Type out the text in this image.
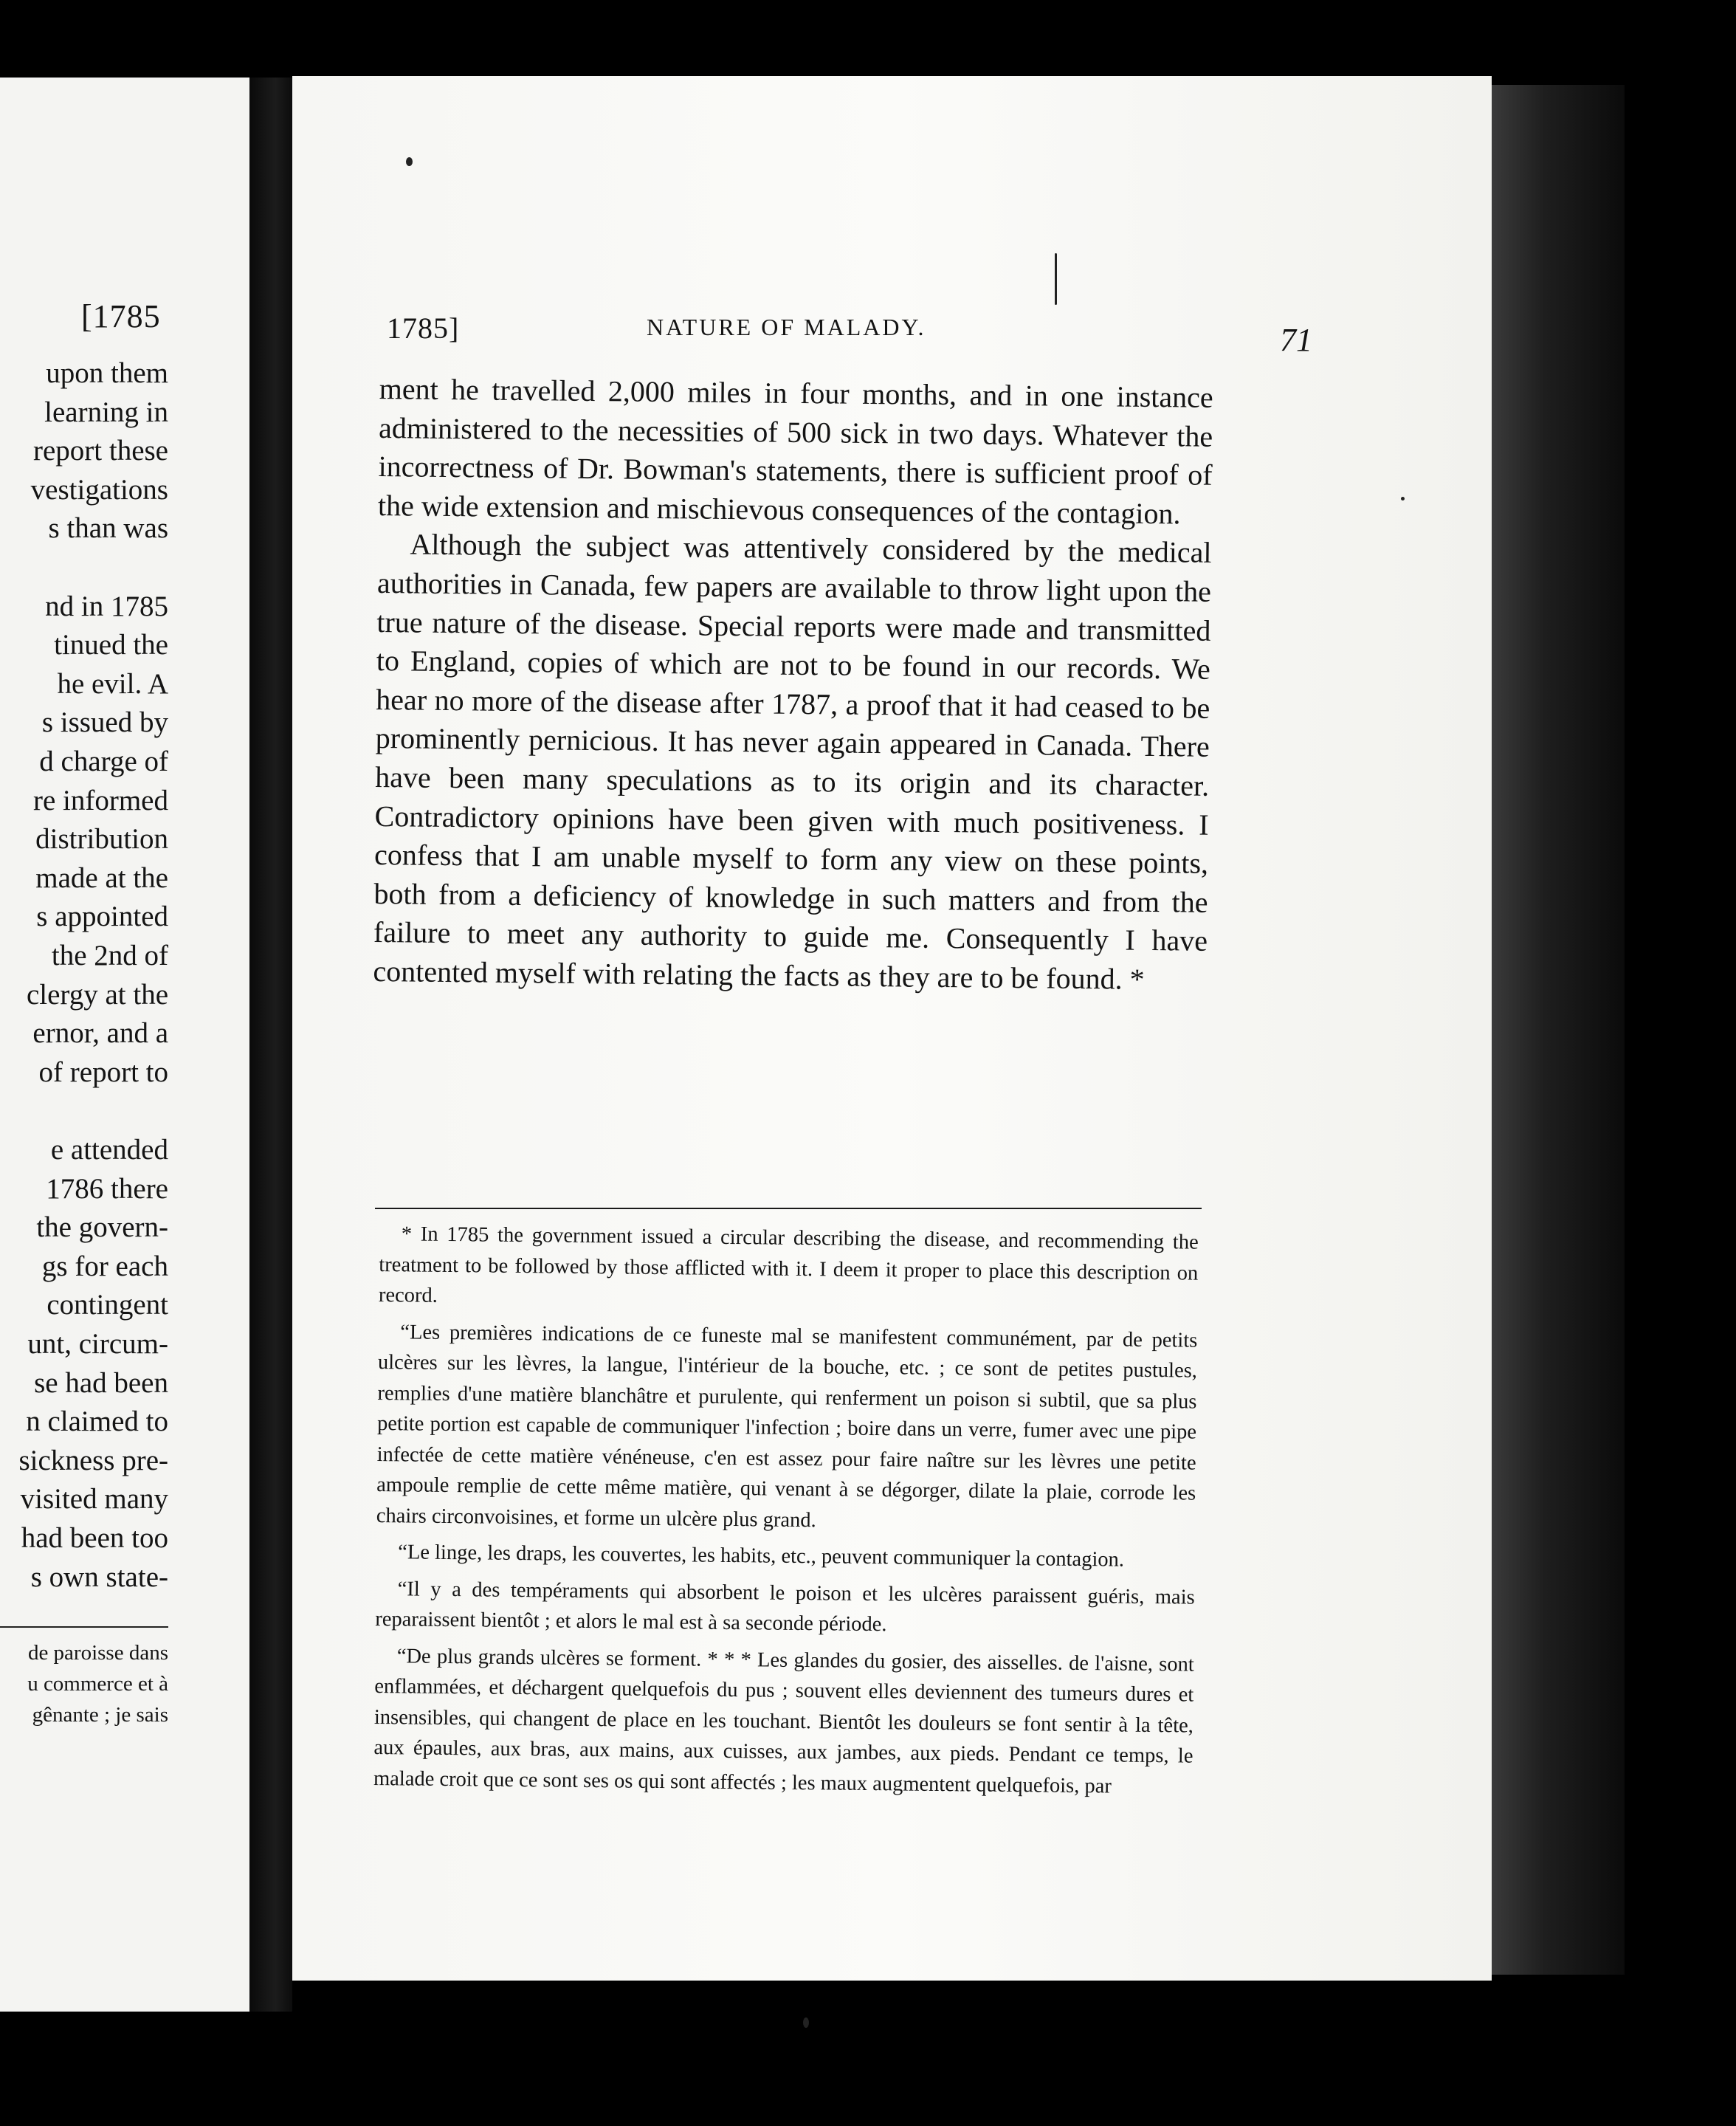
[1785
upon them
learning in
report these
vestigations
s than was
nd in 1785
tinued the
he evil. A
s issued by
d charge of
re informed
distribution
made at the
s appointed
the 2nd of
clergy at the
ernor, and a
of report to
e attended
1786 there
the govern-
gs for each
contingent
unt, circum-
se had been
n claimed to
sickness pre-
visited many
had been too
s own state-
de paroisse dans
u commerce et à
gênante ; je sais
1785]	NATURE OF MALADY.	71

ment he travelled 2,000 miles in four months, and in one instance administered to the necessities of 500 sick in two days. Whatever the incorrectness of Dr. Bowman's statements, there is sufficient proof of the wide extension and mischievous consequences of the contagion.

Although the subject was attentively considered by the medical authorities in Canada, few papers are available to throw light upon the true nature of the disease. Special reports were made and transmitted to England, copies of which are not to be found in our records. We hear no more of the disease after 1787, a proof that it had ceased to be prominently pernicious. It has never again appeared in Canada. There have been many speculations as to its origin and its character. Contradictory opinions have been given with much positiveness. I confess that I am unable myself to form any view on these points, both from a deficiency of knowledge in such matters and from the failure to meet any authority to guide me. Consequently I have contented myself with relating the facts as they are to be found. *

* In 1785 the government issued a circular describing the disease, and recommending the treatment to be followed by those afflicted with it. I deem it proper to place this description on record.

“Les premières indications de ce funeste mal se manifestent communément, par de petits ulcères sur les lèvres, la langue, l'intérieur de la bouche, etc. ; ce sont de petites pustules, remplies d'une matière blanchâtre et purulente, qui renferment un poison si subtil, que sa plus petite portion est capable de communiquer l'infection ; boire dans un verre, fumer avec une pipe infectée de cette matière vénéneuse, c'en est assez pour faire naître sur les lèvres une petite ampoule remplie de cette même matière, qui venant à se dégorger, dilate la plaie, corrode les chairs circonvoisines, et forme un ulcère plus grand.

“Le linge, les draps, les couvertes, les habits, etc., peuvent communiquer la contagion.

“Il y a des tempéraments qui absorbent le poison et les ulcères paraissent guéris, mais reparaissent bientôt ; et alors le mal est à sa seconde période.

“De plus grands ulcères se forment. * * * Les glandes du gosier, des aisselles. de l'aisne, sont enflammées, et déchargent quelquefois du pus ; souvent elles deviennent des tumeurs dures et insensibles, qui changent de place en les touchant. Bientôt les douleurs se font sentir à la tête, aux épaules, aux bras, aux mains, aux cuisses, aux jambes, aux pieds. Pendant ce temps, le malade croit que ce sont ses os qui sont affectés ; les maux augmentent quelquefois, par
